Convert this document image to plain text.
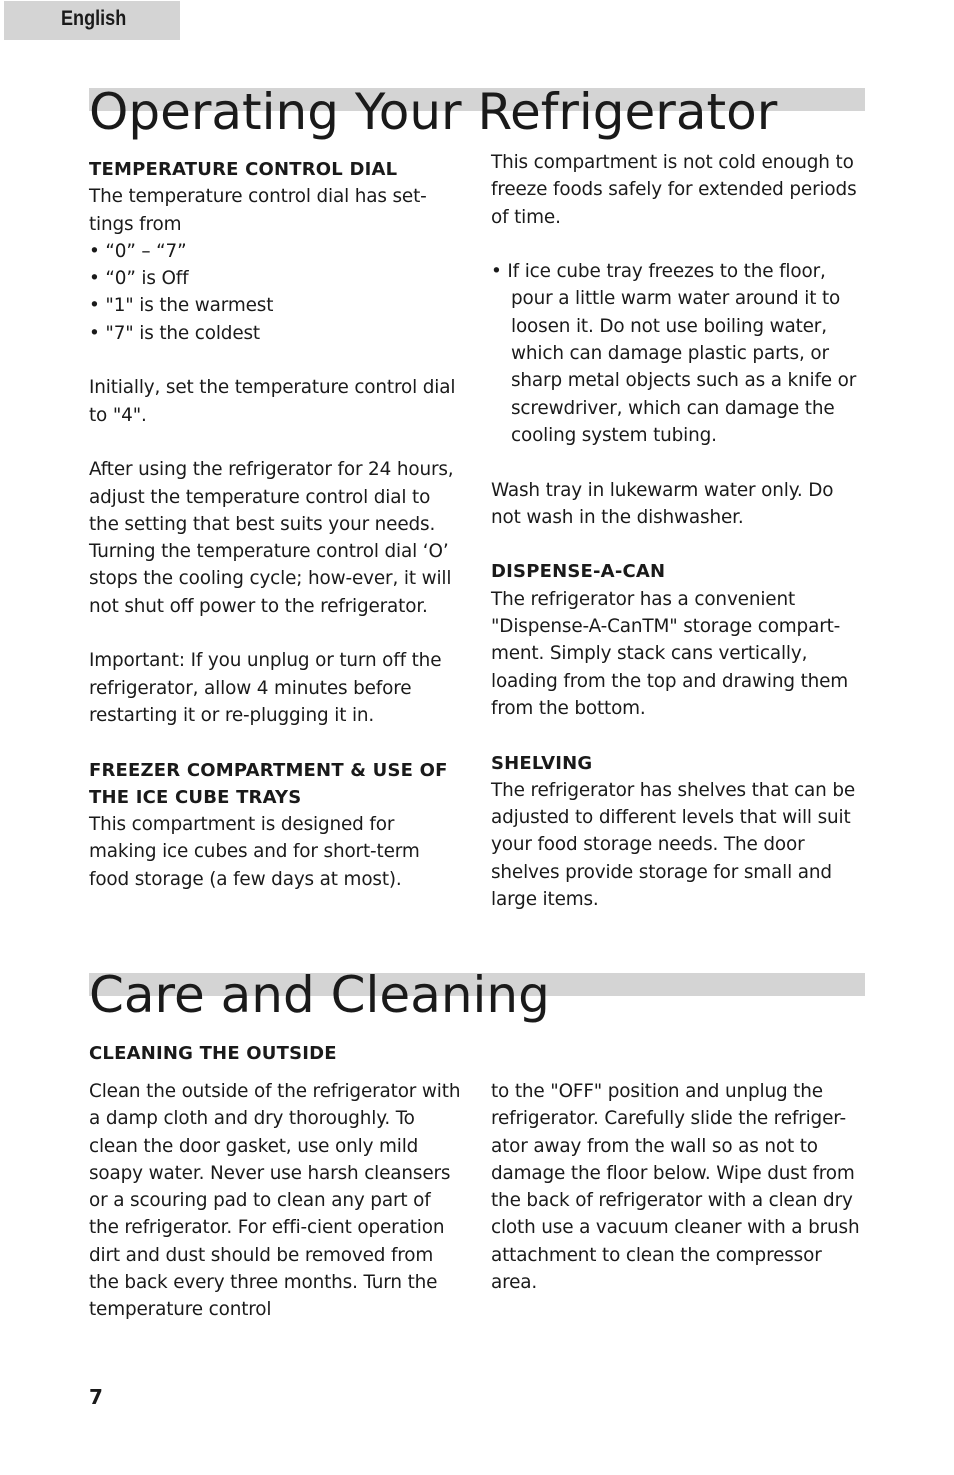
English
Operating Your Refrigerator
TEMPERATURE CONTROL DIAL

The temperature control dial has set-tings from

• “0” – “7”
• “0” is Off
• "1" is the warmest
• "7" is the coldest

Initially, set the temperature control dial to "4".

After using the refrigerator for 24 hours, adjust the temperature control dial to the setting that best suits your needs. Turning the temperature control dial ‘O’ stops the cooling cycle; how-ever, it will not shut off power to the refrigerator.

Important: If you unplug or turn off the refrigerator, allow 4 minutes before restarting it or re-plugging it in.

FREEZER COMPARTMENT & USE OF THE ICE CUBE TRAYS

This compartment is designed for making ice cubes and for short-term food storage (a few days at most).

This compartment is not cold enough to freeze foods safely for extended periods of time.

• If ice cube tray freezes to the floor, pour a little warm water around it to loosen it. Do not use boiling water, which can damage plastic parts, or sharp metal objects such as a knife or screwdriver, which can damage the cooling system tubing.

Wash tray in lukewarm water only. Do not wash in the dishwasher.

DISPENSE-A-CAN

The refrigerator has a convenient "Dispense-A-CanTM" storage compart-ment. Simply stack cans vertically, loading from the top and drawing them from the bottom.

SHELVING

The refrigerator has shelves that can be adjusted to different levels that will suit your food storage needs. The door shelves provide storage for small and large items.

Care and Cleaning
CLEANING THE OUTSIDE

Clean the outside of the refrigerator with a damp cloth and dry thoroughly. To clean the door gasket, use only mild soapy water. Never use harsh cleansers or a scouring pad to clean any part of the refrigerator. For effi-cient operation dirt and dust should be removed from the back every three months. Turn the temperature control

to the "OFF" position and unplug the refrigerator. Carefully slide the refriger-ator away from the wall so as not to damage the floor below. Wipe dust from the back of refrigerator with a clean dry cloth use a vacuum cleaner with a brush attachment to clean the compressor area.

7
